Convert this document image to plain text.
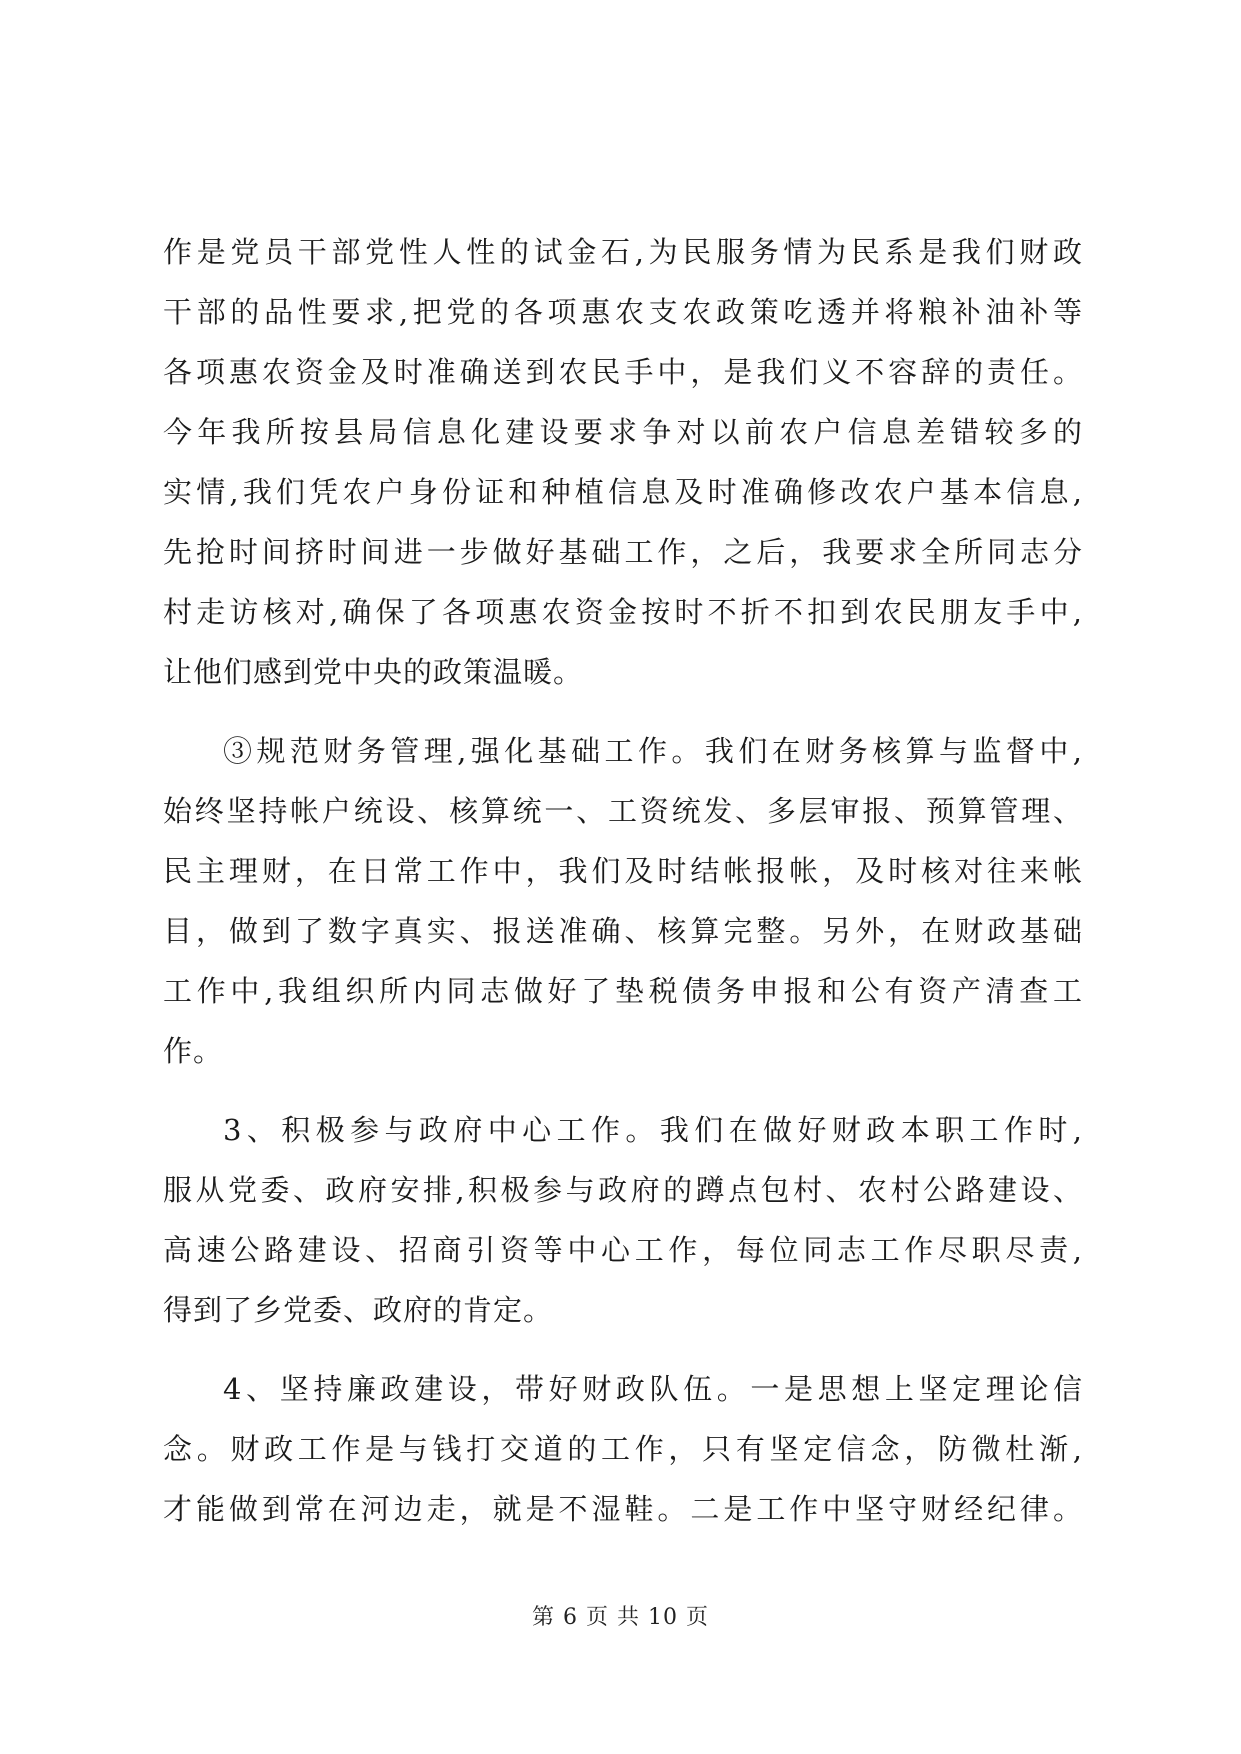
作是党员干部党性人性的试金石,为民服务情为民系是我们财政
干部的品性要求,把党的各项惠农支农政策吃透并将粮补油补等
各项惠农资金及时准确送到农民手中，是我们义不容辞的责任。
今年我所按县局信息化建设要求争对以前农户信息差错较多的
实情,我们凭农户身份证和种植信息及时准确修改农户基本信息,
先抢时间挤时间进一步做好基础工作，之后，我要求全所同志分
村走访核对,确保了各项惠农资金按时不折不扣到农民朋友手中,
让他们感到党中央的政策温暖。
③规范财务管理,强化基础工作。我们在财务核算与监督中,
始终坚持帐户统设、核算统一、工资统发、多层审报、预算管理、
民主理财，在日常工作中，我们及时结帐报帐，及时核对往来帐
目，做到了数字真实、报送准确、核算完整。另外，在财政基础
工作中,我组织所内同志做好了垫税债务申报和公有资产清查工
作。
3、积极参与政府中心工作。我们在做好财政本职工作时,
服从党委、政府安排,积极参与政府的蹲点包村、农村公路建设、
高速公路建设、招商引资等中心工作，每位同志工作尽职尽责,
得到了乡党委、政府的肯定。
4、坚持廉政建设，带好财政队伍。一是思想上坚定理论信
念。财政工作是与钱打交道的工作，只有坚定信念，防微杜渐,
才能做到常在河边走，就是不湿鞋。二是工作中坚守财经纪律。
第 6 页 共 10 页
